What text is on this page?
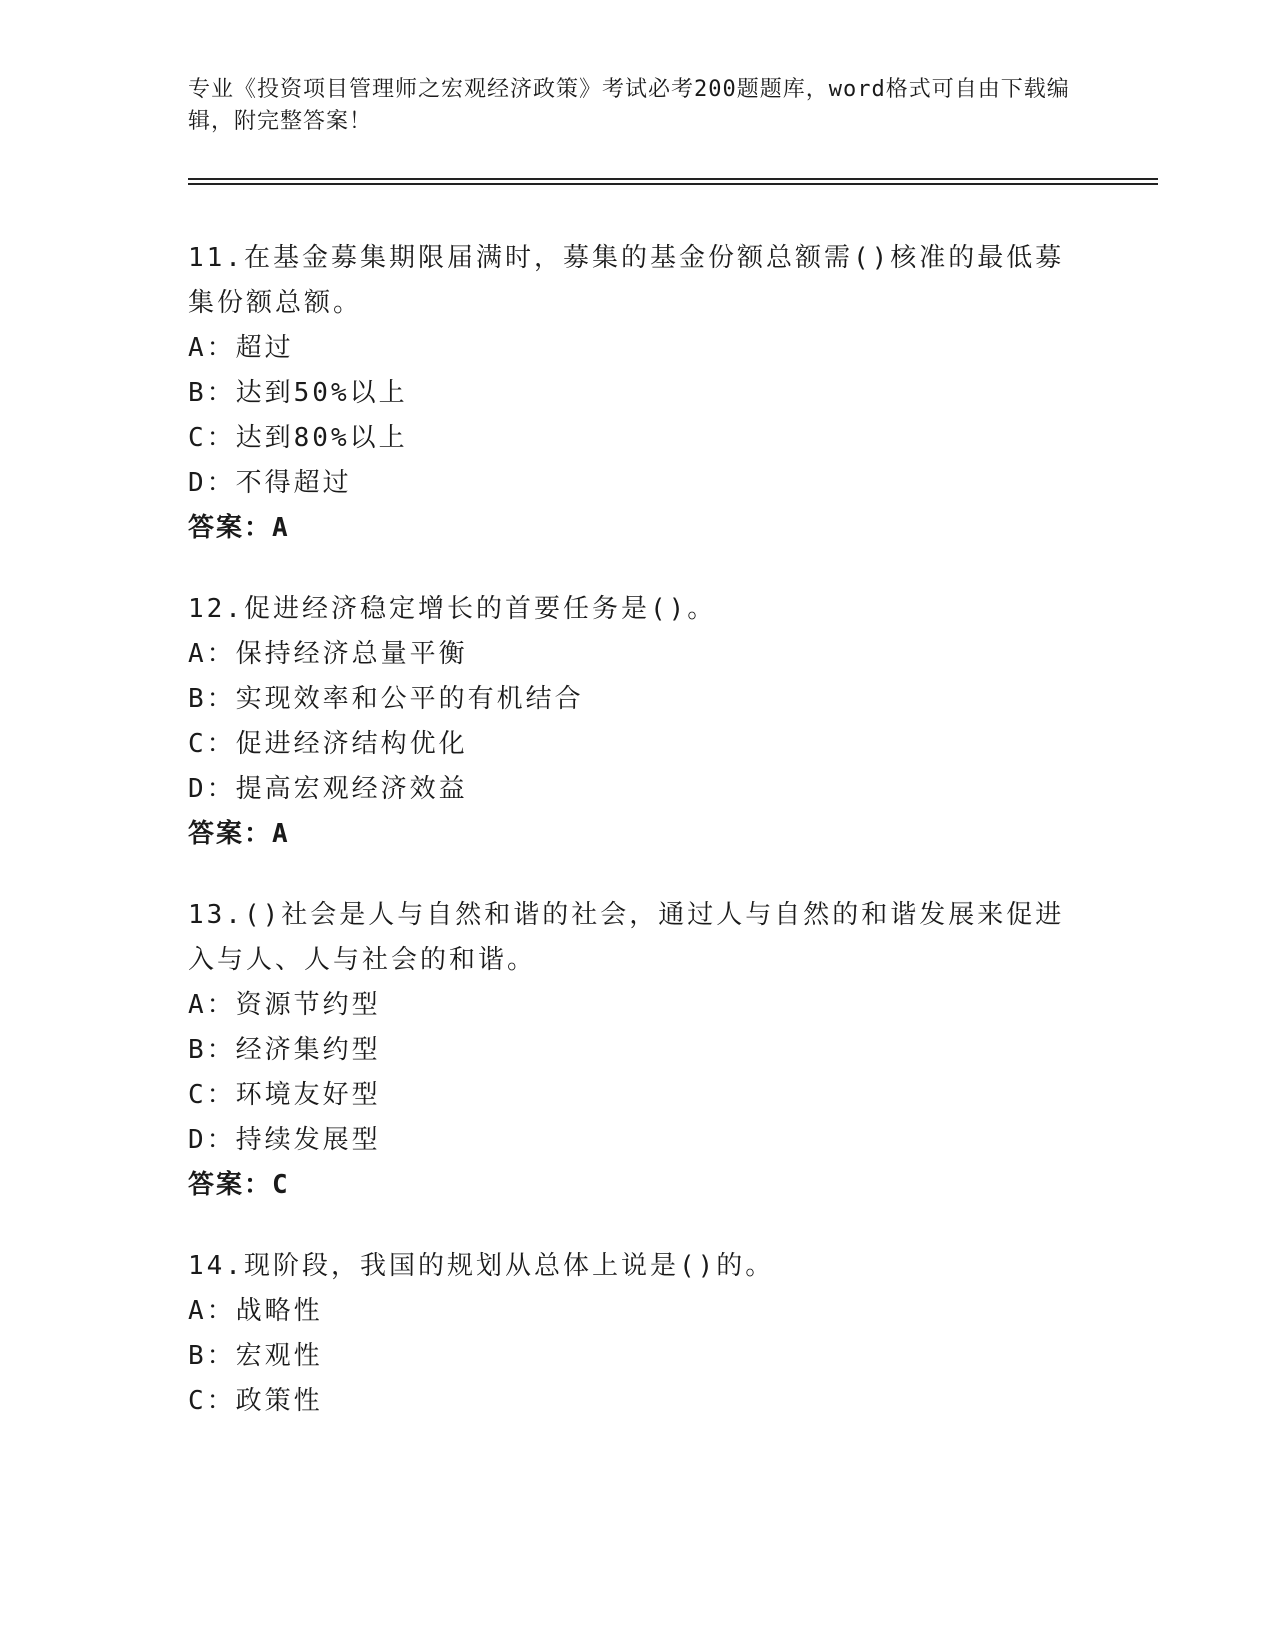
专业《投资项目管理师之宏观经济政策》考试必考200题题库，word格式可自由下载编辑，附完整答案！
11.在基金募集期限届满时，募集的基金份额总额需()核准的最低募集份额总额。
A：超过
B：达到50%以上
C：达到80%以上
D：不得超过
答案：A
12.促进经济稳定增长的首要任务是()。
A：保持经济总量平衡
B：实现效率和公平的有机结合
C：促进经济结构优化
D：提高宏观经济效益
答案：A
13.()社会是人与自然和谐的社会，通过人与自然的和谐发展来促进入与人、人与社会的和谐。
A：资源节约型
B：经济集约型
C：环境友好型
D：持续发展型
答案：C
14.现阶段，我国的规划从总体上说是()的。
A：战略性
B：宏观性
C：政策性
